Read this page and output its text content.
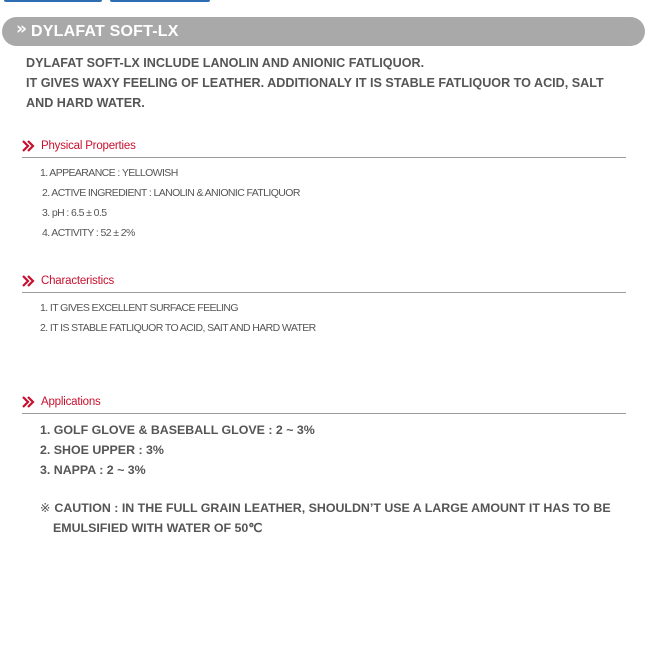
» DYLAFAT SOFT-LX
DYLAFAT SOFT-LX INCLUDE LANOLIN AND ANIONIC FATLIQUOR.
IT GIVES WAXY FEELING OF LEATHER. ADDITIONALY IT IS STABLE FATLIQUOR TO ACID, SALT
AND HARD WATER.
Physical Properties
1. APPEARANCE : YELLOWISH
2. ACTIVE INGREDIENT : LANOLIN & ANIONIC FATLIQUOR
3. pH : 6.5 ± 0.5
4. ACTIVITY : 52 ± 2%
Characteristics
1. IT GIVES EXCELLENT SURFACE FEELING
2. IT IS STABLE FATLIQUOR TO ACID, SAIT AND HARD WATER
Applications
1. GOLF GLOVE & BASEBALL GLOVE : 2 ~ 3%
2. SHOE UPPER : 3%
3. NAPPA : 2 ~ 3%
※ CAUTION : IN THE FULL GRAIN LEATHER, SHOULDN’T USE A LARGE AMOUNT IT HAS TO BE
EMULSIFIED WITH WATER OF 50℃
